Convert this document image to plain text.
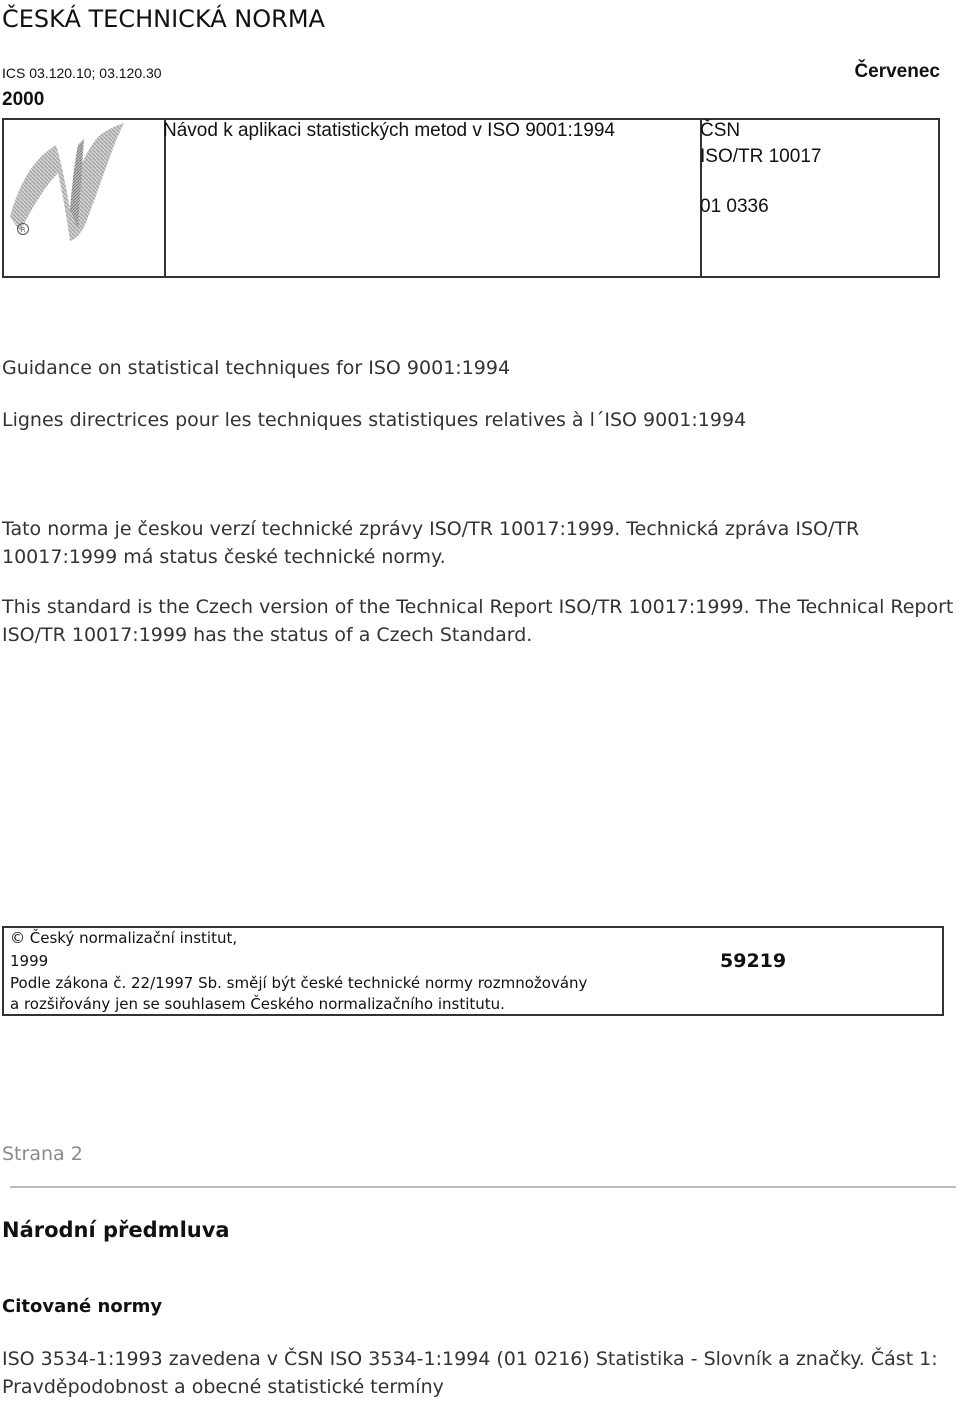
ČESKÁ TECHNICKÁ NORMA
ICS 03.120.10; 03.120.30	Červenec
2000
R
Návod k aplikaci statistických metod v ISO 9001:1994	ČSN
ISO/TR 10017
01 0336
Guidance on statistical techniques for ISO 9001:1994
Lignes directrices pour les techniques statistiques relatives à l´ISO 9001:1994
Tato norma je českou verzí technické zprávy ISO/TR 10017:1999. Technická zpráva ISO/TR 10017:1999 má status české technické normy.
This standard is the Czech version of the Technical Report ISO/TR 10017:1999. The Technical Report ISO/TR 10017:1999 has the status of a Czech Standard.
© Český normalizační institut,
1999	59219
Podle zákona č. 22/1997 Sb. smějí být české technické normy rozmnožovány
a rozšiřovány jen se souhlasem Českého normalizačního institutu.
Strana 2
Národní předmluva
Citované normy
ISO 3534-1:1993 zavedena v ČSN ISO 3534-1:1994 (01 0216) Statistika - Slovník a značky. Část 1: Pravděpodobnost a obecné statistické termíny
